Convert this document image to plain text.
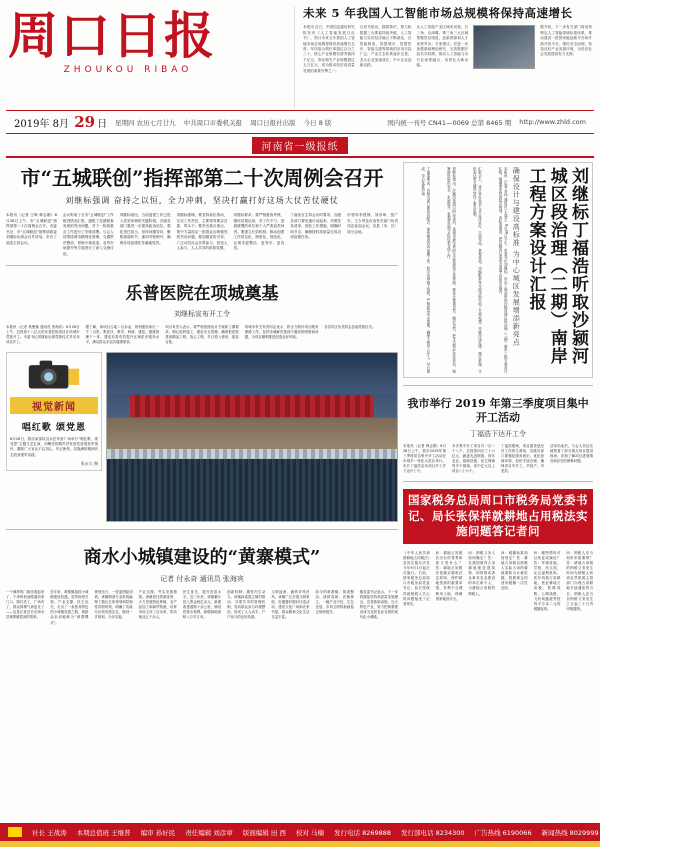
周口日报
ZHOUKOU RIBAO
未来 5 年我国人工智能市场总规模将保持高速增长
本报讯 近日，中国信息通信研究院发布《人工智能发展白皮书》，预计未来五年我国人工智能市场总规模将保持高速增长态势，年均复合增长率超过百分之三十，核心产业规模有望突破四千亿元，带动相关产业规模超过五万亿元，成为推动经济高质量发展的重要引擎之一。
白皮书指出，随着算法、算力和数据三大要素持续突破，人工智能与实体经济融合不断深化，在智能制造、智慧城市、智慧医疗、智能交通等领域的应用日趋广泛，产业生态体系逐步完善，龙头企业加速成长，中小企业创新活跃。
从人工智能产业区域布局看，长三角、京津冀、珠三角三大区域集聚效应明显，创新资源和人才优势突出。专家建议，应进一步加强基础理论研究，完善数据开放共享机制，推动人工智能与各行业深度融合，培育壮大新动能。
据介绍，下一步有关部门将加快制定人工智能领域标准体系，推动建设一批国家级创新平台和开源开放平台，强化安全治理，营造良好产业发展环境，为经济社会发展提供有力支撑。
2019年 8月 29 日 星期四 农历七月廿九 中共周口市委机关报 周口日报社出版 今日 8 版	国内统一刊号 CN41—0069 总第 8465 期 http://www.zhld.com
河南省一级报纸
市“五城联创”指挥部第二十次周例会召开
刘继标强调 奋持之以恒，全力冲刺，坚决打赢打好这场大仗苦仗硬仗
本报讯（记者 王映 韩志刚）8月28日上午，市“五城联创”指挥部第二十次周例会召开。市委书记、市“五城联创”指挥部政委刘继标出席会议并讲话。市长丁福浩主持会议。
会议听取了全市“五城联创”工作推进情况汇报，通报了近期督查发现的突出问题，对下一阶段重点工作进行了安排部署。与会人员围绕城市精细化管理、交通秩序整治、背街小巷改造、农贸市场提升等方面进行了深入交流讨论。
刘继标指出，当前创建工作已进入攻坚冲刺的关键阶段，各级各部门要进一步提高政治站位，强化责任担当，坚持问题导向，聚焦薄弱环节，逐项对账销号，确保各项创建任务落地见效。
刘继标强调，要坚持高位推动，压实工作责任，主要领导要亲自抓、带头干；要突出重点难点，集中力量攻克一批群众反映强烈的突出问题；要加强宣传引导，广泛动员社会各界参与，营造人人参与、人人共享的浓厚氛围。
刘继标要求，要严格督查考核，强化结果运用，对工作不力、进展缓慢的单位和个人严肃追责问责。要建立长效机制，推动创建工作常态化、制度化、规范化，让城市更整洁、更有序、更宜居。
丁福浩在主持会议时要求，各级各部门要迅速行动起来，对照任务清单，细化工作措施，明确时间节点，确保按时高质量完成各项创建任务。
市领导李建保、刘彦章、张广东、王少青及市直有关部门负责同志参加会议。各县（市、区）设分会场。
乐普医院在项城奠基
刘继标宣布开工令
本报讯（记者 侯俊豫 通讯员 张海宾）8月28日上午，总投资十八亿元的乐普医院项目在项城市奠基开工。市委书记刘继标出席奠基仪式并宣布项目开工。
据了解，该项目占地二百余亩，规划建设床位一千二百张，集医疗、教学、科研、康复、健康管理于一体，建成后将有效提升区域医疗服务水平，满足群众多层次健康需求。
项目负责人表示，将严格按照设计方案和工期要求，精心组织施工，强化安全管理，确保把医院建成精品工程、放心工程，早日投入使用、惠及百姓。
项城市有关负责同志表示，将全力做好项目服务保障工作，及时协调解决建设中遇到的困难和问题，为项目顺利推进创造良好环境。
各县市区负责同志参加奠基仪式。
视觉新闻
唱红歌 颂党恩
8月28日，我市某部队官兵在军营广场举行“唱红歌、颂党恩”主题文艺汇演，用嘹亮的歌声抒发爱党爱国爱军情怀，激励广大官兵不忘初心、牢记使命，以饱满的精神状态投身强军实践。
张永久 摄
商水小城镇建设的“黄寨模式”
记者 付永奇 通讯员 张海宾
一个像样的门面房看起来了，干净的柏油路通到家门口，路灯亮了，广场有了，群众的精气神更足了——这是记者近日在商水县黄寨镇看到的景象。
近年来，黄寨镇抢抓小城镇建设机遇，坚持规划引领、产业支撑、民生优先，走出了一条独具特色的小城镇发展之路，被群众亲切地称为“黄寨模式”。
规划先行，一张蓝图绘到底。该镇聘请专业机构编制了镇区总体规划和控制性详细规划，明确了功能分区和发展定位，做到一次规划、分步实施。
产业支撑，夯实发展根基。该镇依托资源优势，大力发展特色种植、农产品加工和商贸物流，培育市场主体三百余家，带动就业五千余人。
民生优先，提升宜居水平。近三年来，该镇累计投入资金两亿余元，新建改建道路十余公里，铺设供排水管网，新增绿地面积八万平方米。
创新机制，激发内生动力。该镇探索建立镇村联动、共建共享的管理机制，发动群众参与环境整治，形成了人人动手、户户参与的良好局面。
文明浸润，涵养乡风民风。该镇广泛开展文明家庭、好婆婆好媳妇评选活动，建设文化广场和农家书屋，群众精神文化生活日益丰富。
如今的黄寨镇，街道整洁、绿树成荫、店铺林立，一幅产业兴旺、生态宜居、乡风文明的新画卷正徐徐展开。
镇党委书记表示，下一步将继续坚持高质量发展理念，完善基础设施，壮大特色产业，努力把黄寨建设成为宜居宜业宜游的现代化小城镇。
刘继标丁福浩听取沙颍河城区段治理（二期）南岸工程方案设计汇报
确保设计与建设高标准 为中心城区发展增添新亮点
本报讯（记者 李伟 通讯员 王建平）8月28日下午，市委书记刘继标、市长丁福浩听取沙颍河城区段治理（二期）南岸工程方案设计汇报，强调要坚持高起点规划、高标准建设，把沙颍河打造成为造福人民的幸福河。
汇报会上，设计单位负责人从总体定位、空间布局、景观营造、功能配套等方面详细介绍了方案构想，并就岸线处理、慢行系统、文化表达等关键内容作了重点说明。
刘继标指出，沙颍河是周口的母亲河，是城市最宝贵的生态资源和文化资源。要充分尊重自然、顺应自然，把生态保护放在首位，统筹做好防洪安全、水质提升、景观营造和文化传承各项工作。
丁福浩要求，各相关部门要密切配合，加快推进各项前期工作，科学安排施工组织，严格质量安全管理，确保工程早日开工、早日建成、早日发挥效益。
我市举行 2019 年第三季度项目集中开工活动
丁福浩下达开工令
本报讯（记者 韩志刚）8月28日上午，我市2019年第三季度项目集中开工活动在市城乡一体化示范区举行。市长丁福浩宣布项目开工并下达开工令。
本次集中开工项目共一百二十八个，总投资四百三十六亿元，涵盖先进制造、现代农业、基础设施、民生保障等多个领域，其中亿元以上项目八十六个。
丁福浩强调，项目建设是经济工作的生命线，各级各部门要强化服务意识，优化营商环境，加快手续办理，确保项目早开工、早投产、早见效。
活动结束后，与会人员还实地察看了部分重点项目建设现场，详细了解项目进展情况和存在的困难问题。
国家税务总局周口市税务局党委书记、局长张保祥就耕地占用税法实施问题答记者问
《中华人民共和国耕地占用税法》及其实施办法自今年9月1日起正式施行。日前，国家税务总局周口市税务局党委书记、局长张保祥就纳税人关心的问题接受了记者采访。
问：耕地占用税法出台的背景和意义是什么？答：耕地占用税法是落实税收法定原则、保护耕地资源的重要举措，有利于合理利用土地，保障国家粮食安全。
问：纳税义务人如何确定？答：在我国境内占用耕地建设建筑物、构筑物或者从事非农业建设的单位和个人，为耕地占用税的纳税人。
问：税额标准如何规定？答：耕地占用税以纳税人实际占用的耕地面积为计税依据，按照规定的适用税额一次性征收。
问：哪些情形可以免征或减征？答：军事设施、学校、幼儿园、社会福利机构、医疗机构占用耕地，免征耕地占用税；铁路线路、公路线路、飞机场跑道等按每平方米二元的税额征收。
问：纳税人应当何时申报缴纳？答：耕地占用税的纳税义务发生时间为纳税人收到自然资源主管部门办理占用耕地手续通知的当日，纳税人应当自纳税义务发生之日起三十日内申报缴纳。
社长 王战涛 本期总值班 王继普 编审 孙好民 责任编辑 刘彦章 版面编辑 田 西 校对 马楠 发行电话 8269888 发行部电话 8234300 广告热线 6190066 新闻热线 8029999 周口日报 zkrbgk@126.com
